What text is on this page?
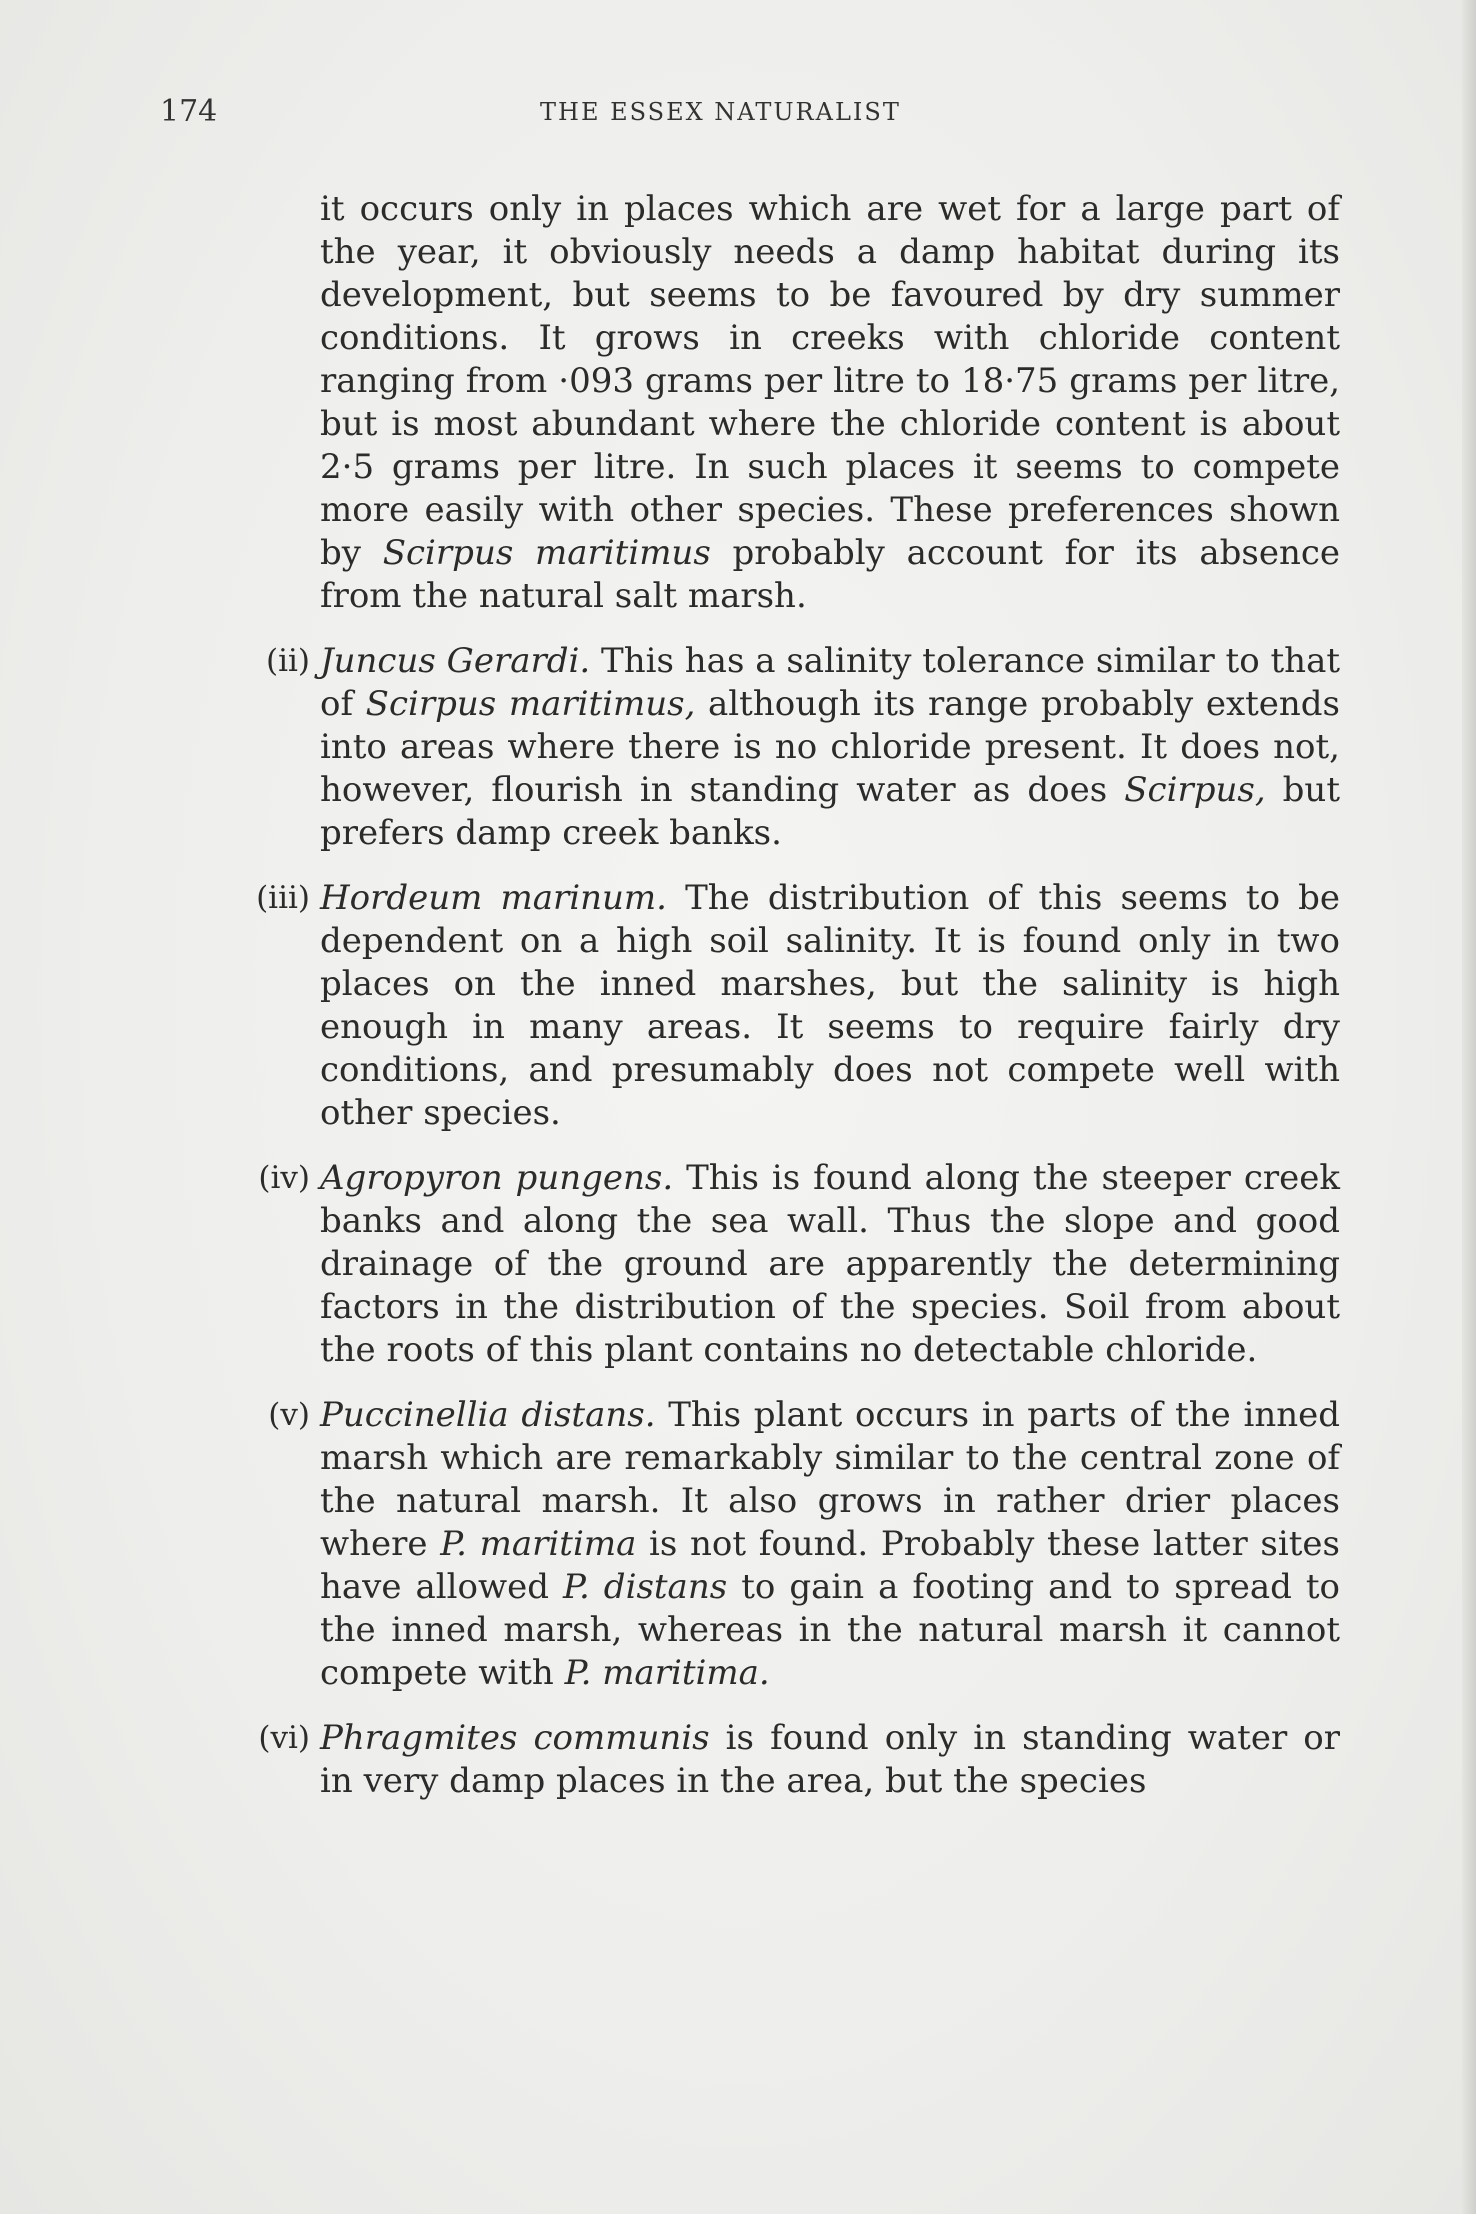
174	THE ESSEX NATURALIST

it occurs only in places which are wet for a large part of the year, it obviously needs a damp habitat during its development, but seems to be favoured by dry summer conditions. It grows in creeks with chloride content ranging from ·093 grams per litre to 18·75 grams per litre, but is most abundant where the chloride content is about 2·5 grams per litre. In such places it seems to compete more easily with other species. These preferences shown by Scirpus maritimus probably account for its absence from the natural salt marsh.

(ii) Juncus Gerardi. This has a salinity tolerance similar to that of Scirpus maritimus, although its range probably extends into areas where there is no chloride present. It does not, however, flourish in standing water as does Scirpus, but prefers damp creek banks.
(iii) Hordeum marinum. The distribution of this seems to be dependent on a high soil salinity. It is found only in two places on the inned marshes, but the salinity is high enough in many areas. It seems to require fairly dry conditions, and presumably does not compete well with other species.
(iv) Agropyron pungens. This is found along the steeper creek banks and along the sea wall. Thus the slope and good drainage of the ground are apparently the determining factors in the distribution of the species. Soil from about the roots of this plant contains no detectable chloride.
(v) Puccinellia distans. This plant occurs in parts of the inned marsh which are remarkably similar to the central zone of the natural marsh. It also grows in rather drier places where P. maritima is not found. Probably these latter sites have allowed P. distans to gain a footing and to spread to the inned marsh, whereas in the natural marsh it cannot compete with P. maritima.
(vi) Phragmites communis is found only in standing water or in very damp places in the area, but the species
